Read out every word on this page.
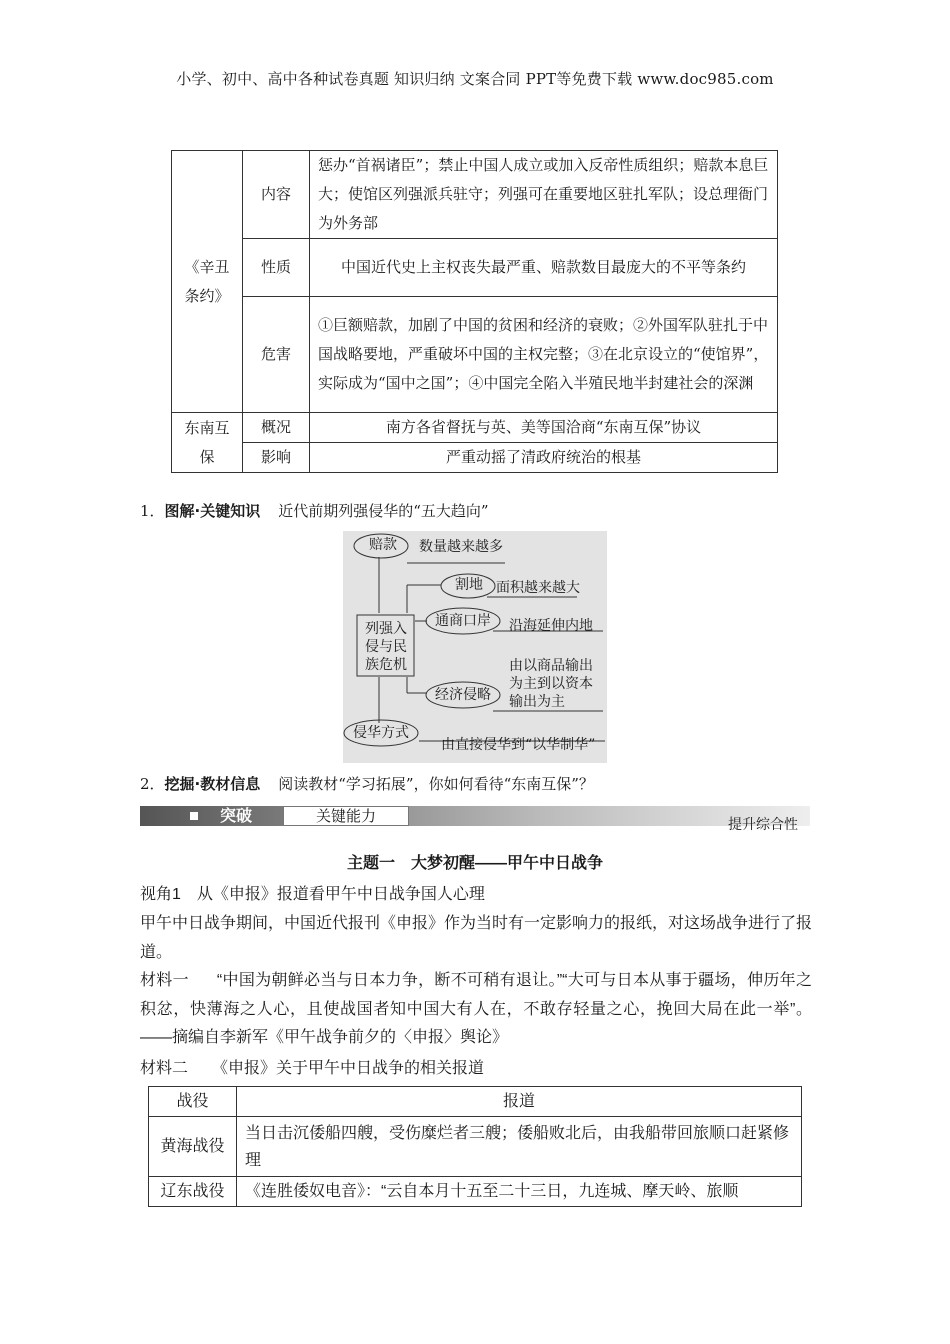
小学、初中、高中各种试卷真题 知识归纳 文案合同 PPT等免费下载 www.doc985.com
《辛丑条约》	内容	惩办“首祸诸臣”；禁止中国人成立或加入反帝性质组织；赔款本息巨大；使馆区列强派兵驻守；列强可在重要地区驻扎军队；设总理衙门为外务部
	性质	中国近代史上主权丧失最严重、赔款数目最庞大的不平等条约
	危害	①巨额赔款，加剧了中国的贫困和经济的衰败；②外国军队驻扎于中国战略要地，严重破坏中国的主权完整；③在北京设立的“使馆界”，实际成为“国中之国”；④中国完全陷入半殖民地半封建社会的深渊
东南互保	概况	南方各省督抚与英、美等国洽商“东南互保”协议
	影响	严重动摇了清政府统治的根基
1．图解·关键知识 近代前期列强侵华的“五大趋向”
赔款 数量越来越多
割地 面积越来越大
通商口岸 沿海延伸内地
列强入
侵与民
族危机	由以商品输出
为主到以资本
输出为主
经济侵略
侵华方式
由直接侵华到“以华制华”
2．挖掘·教材信息 阅读教材“学习拓展”，你如何看待“东南互保”？
突破	关键能力	提升综合性
主题一　大梦初醒——甲午中日战争
视角1　从《申报》报道看甲午中日战争国人心理
甲午中日战争期间，中国近代报刊《申报》作为当时有一定影响力的报纸，对这场战争进行了报道。
材料一 “中国为朝鲜必当与日本力争，断不可稍有退让。”“大可与日本从事于疆场，伸历年之积忿，快薄海之人心，且使战国者知中国大有人在，不敢存轻量之心，挽回大局在此一举”。——摘编自李新军《甲午战争前夕的〈申报〉舆论》
材料二 《申报》关于甲午中日战争的相关报道
战役	报道
黄海战役	当日击沉倭船四艘，受伤糜烂者三艘；倭船败北后，由我船带回旅顺口赶紧修理
辽东战役	《连胜倭奴电音》：“云自本月十五至二十三日，九连城、摩天岭、旅顺
